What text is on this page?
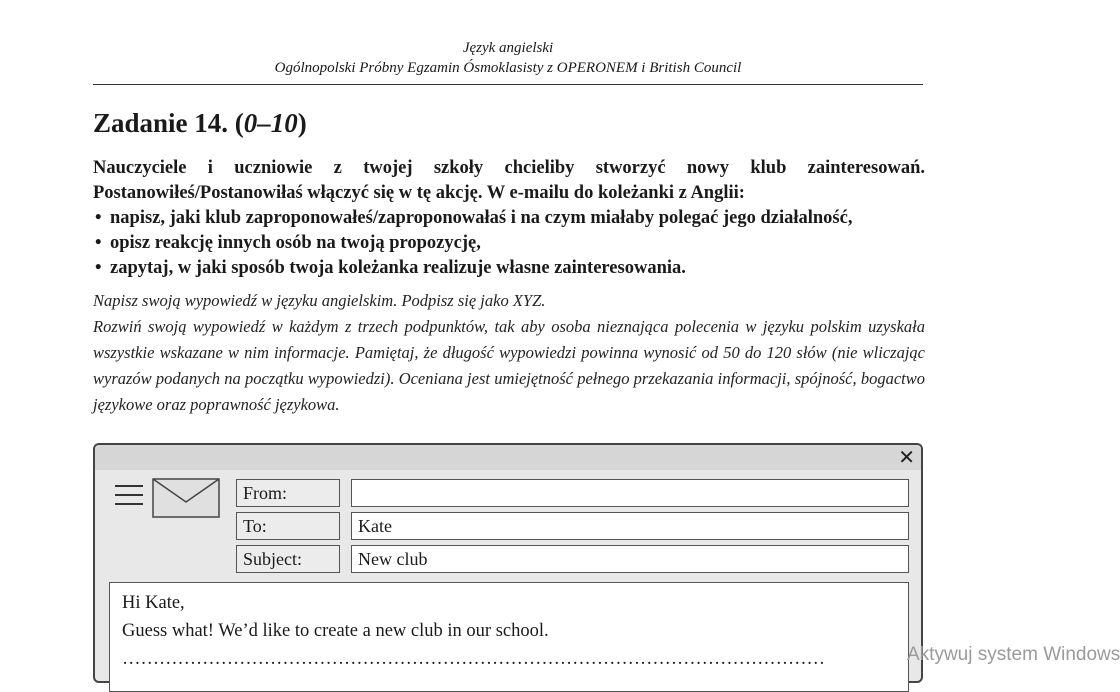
Język angielski
Ogólnopolski Próbny Egzamin Ósmoklasisty z OPERONEM i British Council
Zadanie 14. (0–10)

Nauczyciele i uczniowie z twojej szkoły chcieliby stworzyć nowy klub zainteresowań. Postanowiłeś/Postanowiłaś włączyć się w tę akcję. W e-mailu do koleżanki z Anglii:

• napisz, jaki klub zaproponowałeś/zaproponowałaś i na czym miałaby polegać jego działalność,
• opisz reakcję innych osób na twoją propozycję,
• zapytaj, w jaki sposób twoja koleżanka realizuje własne zainteresowania.

Napisz swoją wypowiedź w języku angielskim. Podpisz się jako XYZ.

Rozwiń swoją wypowiedź w każdym z trzech podpunktów, tak aby osoba nieznająca polecenia w języku polskim uzyskała wszystkie wskazane w nim informacje. Pamiętaj, że długość wypowiedzi powinna wynosić od 50 do 120 słów (nie wliczając wyrazów podanych na początku wypowiedzi). Oceniana jest umiejętność pełnego przekazania informacji, spójność, bogactwo językowe oraz poprawność językowa.

✕
From:
To:	Kate
Subject:	New club
Hi Kate,
Guess what! We’d like to create a new club in our school.
……………………………………………………………………………………………………	Aktywuj system Windows
